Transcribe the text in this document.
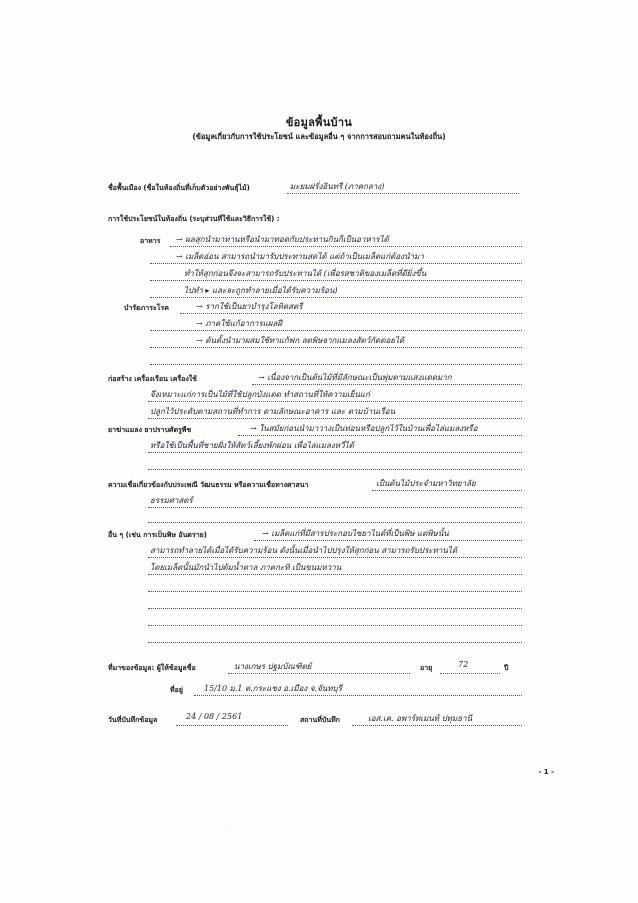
ข้อมูลพื้นบ้าน
(ข้อมูลเกี่ยวกับการใช้ประโยชน์ และข้อมูลอื่น ๆ จากการสอบถามคนในท้องถิ่น)
ชื่อพื้นเมือง (ชื่อในท้องถิ่นที่เก็บตัวอย่างพันธุ์ไม้)	มะยมฝรั่งอินทรี (ภาคกลาง)
การใช้ประโยชน์ในท้องถิ่น (ระบุส่วนที่ใช้และวิธีการใช้) :
อาหาร → ผลสุกนำมาทานหรือนำมาทอดกับประทานกินก็เป็นอาหารได้
→ เมล็ดอ่อน สามารถนำมารับประทานสดได้ แต่ถ้าเป็นเมล็ดแก่ต้องนำมา
ทำให้สุกก่อนจึงจะสามารถรับประทานได้ (เพื่อรสชาติของเมล็ดที่ดียิ่งขึ้น
ไปทำ ▸ และจะถูกทำลายเมื่อได้รับความร้อน)
บำรัดภาระโรค	→ รากใช้เป็นยาบำรุงโลหิตสตรี
→ ภาคใช้แก้อาการแผลฝี
→ ต้นตั้งนำมาผสมใช้ทาแก้ฟก ลดพิษจากแมลงสัตว์กัดต่อยได้
ก่อสร้าง เครื่องเรือน เครื่องใช้	→ เนื่องจากเป็นต้นไม้ที่มีลักษณะเป็นพุ่มตามแสงแดดมาก
จึงเหมาะแก่การเป็นไม้ที่ใช้ปลูกบังแดด ทำสถานที่ให้ความเย็นแก่
ปลูกไว้ประดับตามสถานที่ทำการ ตามลักษณะอาคาร และ ตามบ้านเรือน
ยาฆ่าแมลง ยาปราบศัตรูพืช	→ ในสมัยก่อนนำมาวางเป็นท่อนหรือปลูกไว้ในบ้านเพื่อไล่แมลงหรือ
หรือใช้เป็นพื้นที่ชายฝั่งให้สัตว์เลี้ยงพักผ่อน เพื่อไล่แมลงหวี่ได้
ความเชื่อเกี่ยวข้องกับประเพณี วัฒนธรรม หรือความเชื่อทางศาสนา	เป็นต้นไม้ประจำมหาวิทยาลัย
ธรรมศาสตร์
อื่น ๆ (เช่น การเป็นพิษ อันตราย)	→ เมล็ดแก่ที่มีสารประกอบไซยาไนด์ที่เป็นพิษ แต่พิษนั้น
สามารถทำลายได้เมื่อได้รับความร้อน ดังนั้นเมื่อนำไปปรุงให้สุกก่อน สามารถรับประทานได้
โดยเมล็ดนั้นมักนำไปต้มน้ำตาล ภาคกะทิ เป็นขนมหวาน
ที่มาของข้อมูล: ผู้ให้ข้อมูลชื่อ	นางเกษร ปฐมบัณฑิตย์	อายุ	72	ปี
ที่อยู่	15/10 ม.1 ต.กระแชง อ.เมือง จ.จันทบุรี
วันที่บันทึกข้อมูล	24 / 08 / 2561	สถานที่บันทึก	เอส.เค. อพาร์ทเมนท์ ปทุมธานี
- 1 -
.
